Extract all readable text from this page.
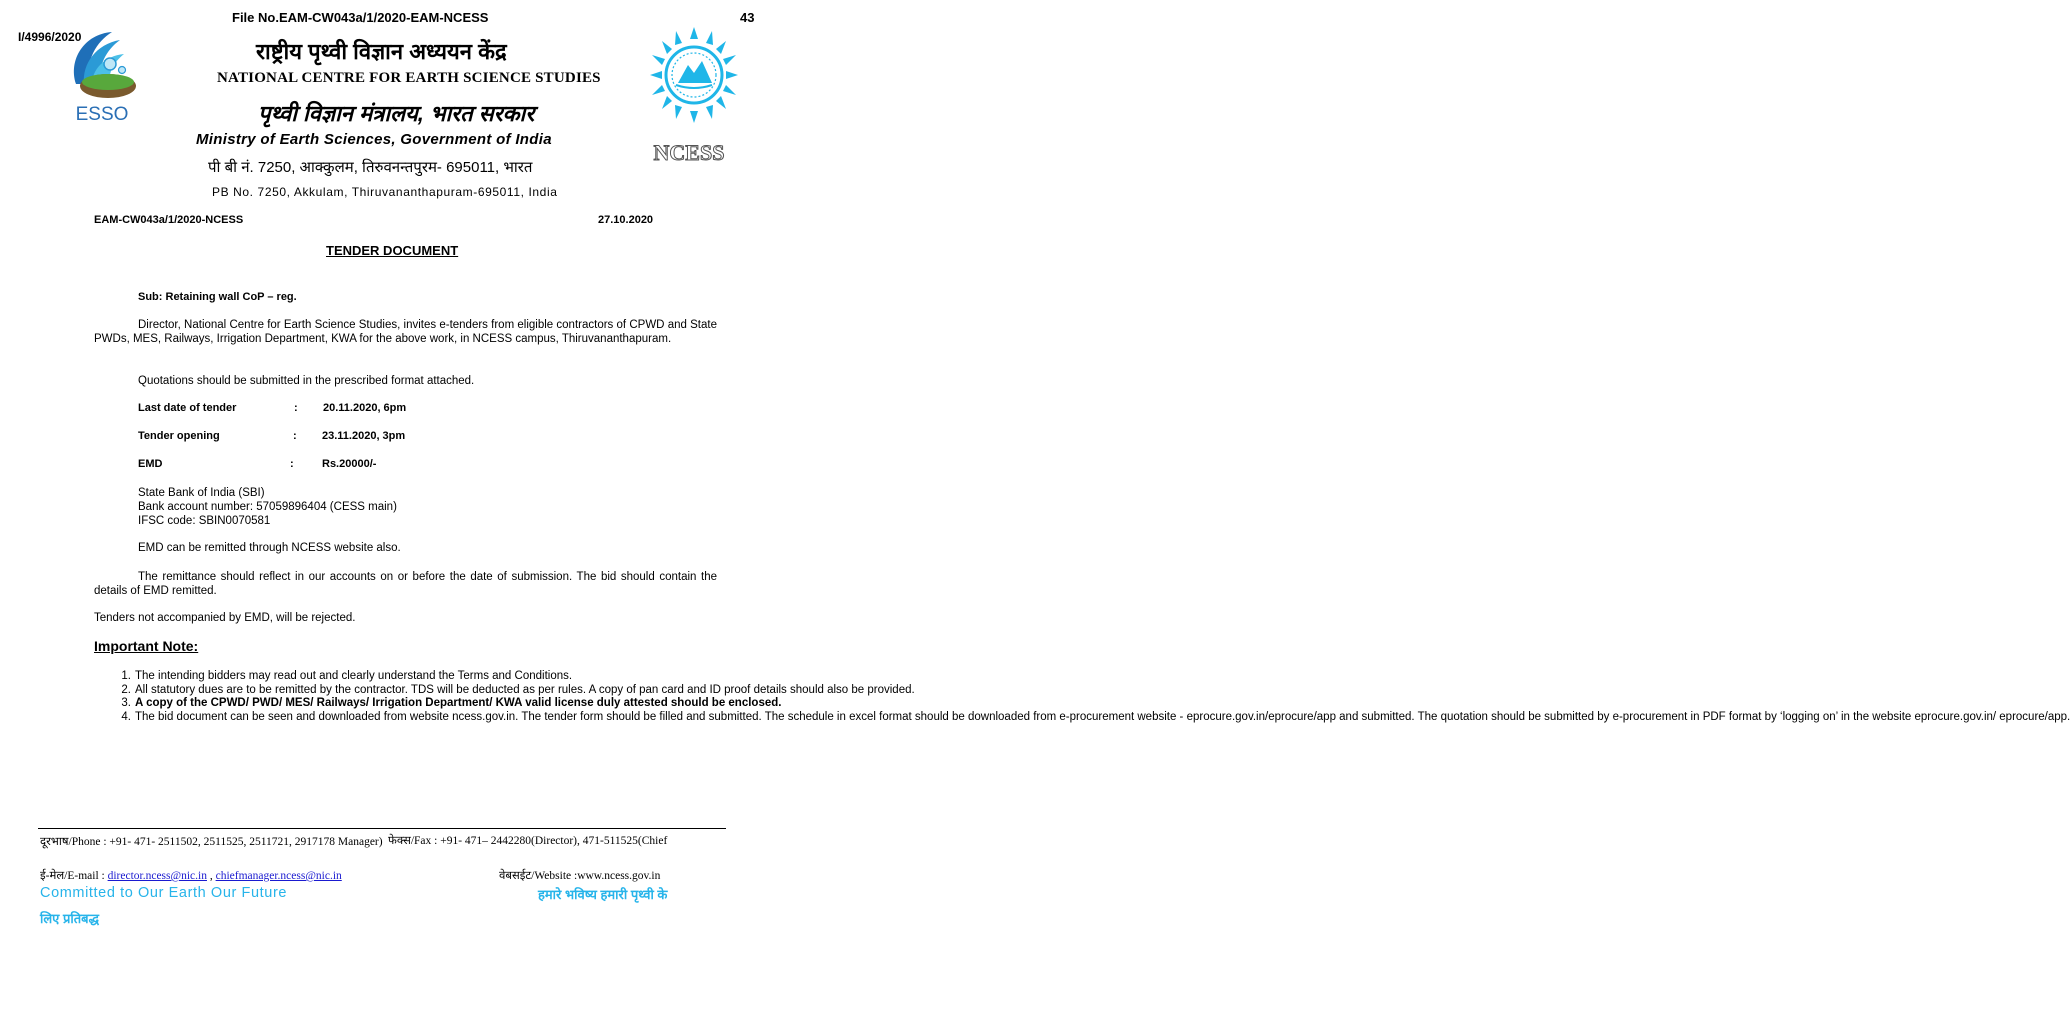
File No.EAM-CW043a/1/2020-EAM-NCESS	43
ESSO
I/4996/2020
NCESS
राष्ट्रीय पृथ्वी विज्ञान अध्ययन केंद्र
NATIONAL CENTRE FOR EARTH SCIENCE STUDIES
पृथ्वी विज्ञान मंत्रालय, भारत सरकार
Ministry of Earth Sciences, Government of India
पी बी नं. 7250, आक्कुलम, तिरुवनन्तपुरम- 695011, भारत
PB No. 7250, Akkulam, Thiruvananthapuram-695011, India
EAM-CW043a/1/2020-NCESS	27.10.2020
TENDER DOCUMENT
Sub: Retaining wall CoP – reg.
Director, National Centre for Earth Science Studies, invites e-tenders from eligible contractors of CPWD and State PWDs, MES, Railways, Irrigation Department, KWA for the above work, in NCESS campus, Thiruvananthapuram.
Quotations should be submitted in the prescribed format attached.
Last date of tender	: 20.11.2020, 6pm
Tender opening	: 23.11.2020, 3pm
EMD	:	Rs.20000/-
State Bank of India (SBI)
Bank account number: 57059896404 (CESS main)
IFSC code: SBIN0070581
EMD can be remitted through NCESS website also.
The remittance should reflect in our accounts on or before the date of submission. The bid should contain the details of EMD remitted.
Tenders not accompanied by EMD, will be rejected.
Important Note:
1. The intending bidders may read out and clearly understand the Terms and Conditions.
2. All statutory dues are to be remitted by the contractor. TDS will be deducted as per rules. A copy of pan card and ID proof details should also be provided.
3. A copy of the CPWD/ PWD/ MES/ Railways/ Irrigation Department/ KWA valid license duly attested should be enclosed.
4. The bid document can be seen and downloaded from website ncess.gov.in. The tender form should be filled and submitted. The schedule in excel format should be downloaded from e-procurement website - eprocure.gov.in/eprocure/app and submitted. The quotation should be submitted by e-procurement in PDF format by ‘logging on’ in the website eprocure.gov.in/ eprocure/app.
दूरभाष/Phone : +91- 471- 2511502, 2511525, 2511721, 2917178 Manager) फेक्स/Fax : +91- 471– 2442280(Director), 471-511525(Chief
ई-मेल/E-mail : director.ncess@nic.in , chiefmanager.ncess@nic.in	वेबसईट/Website :www.ncess.gov.in
Committed to Our Earth Our Future	हमारे भविष्य हमारी पृथ्वी के
लिए प्रतिबद्ध
